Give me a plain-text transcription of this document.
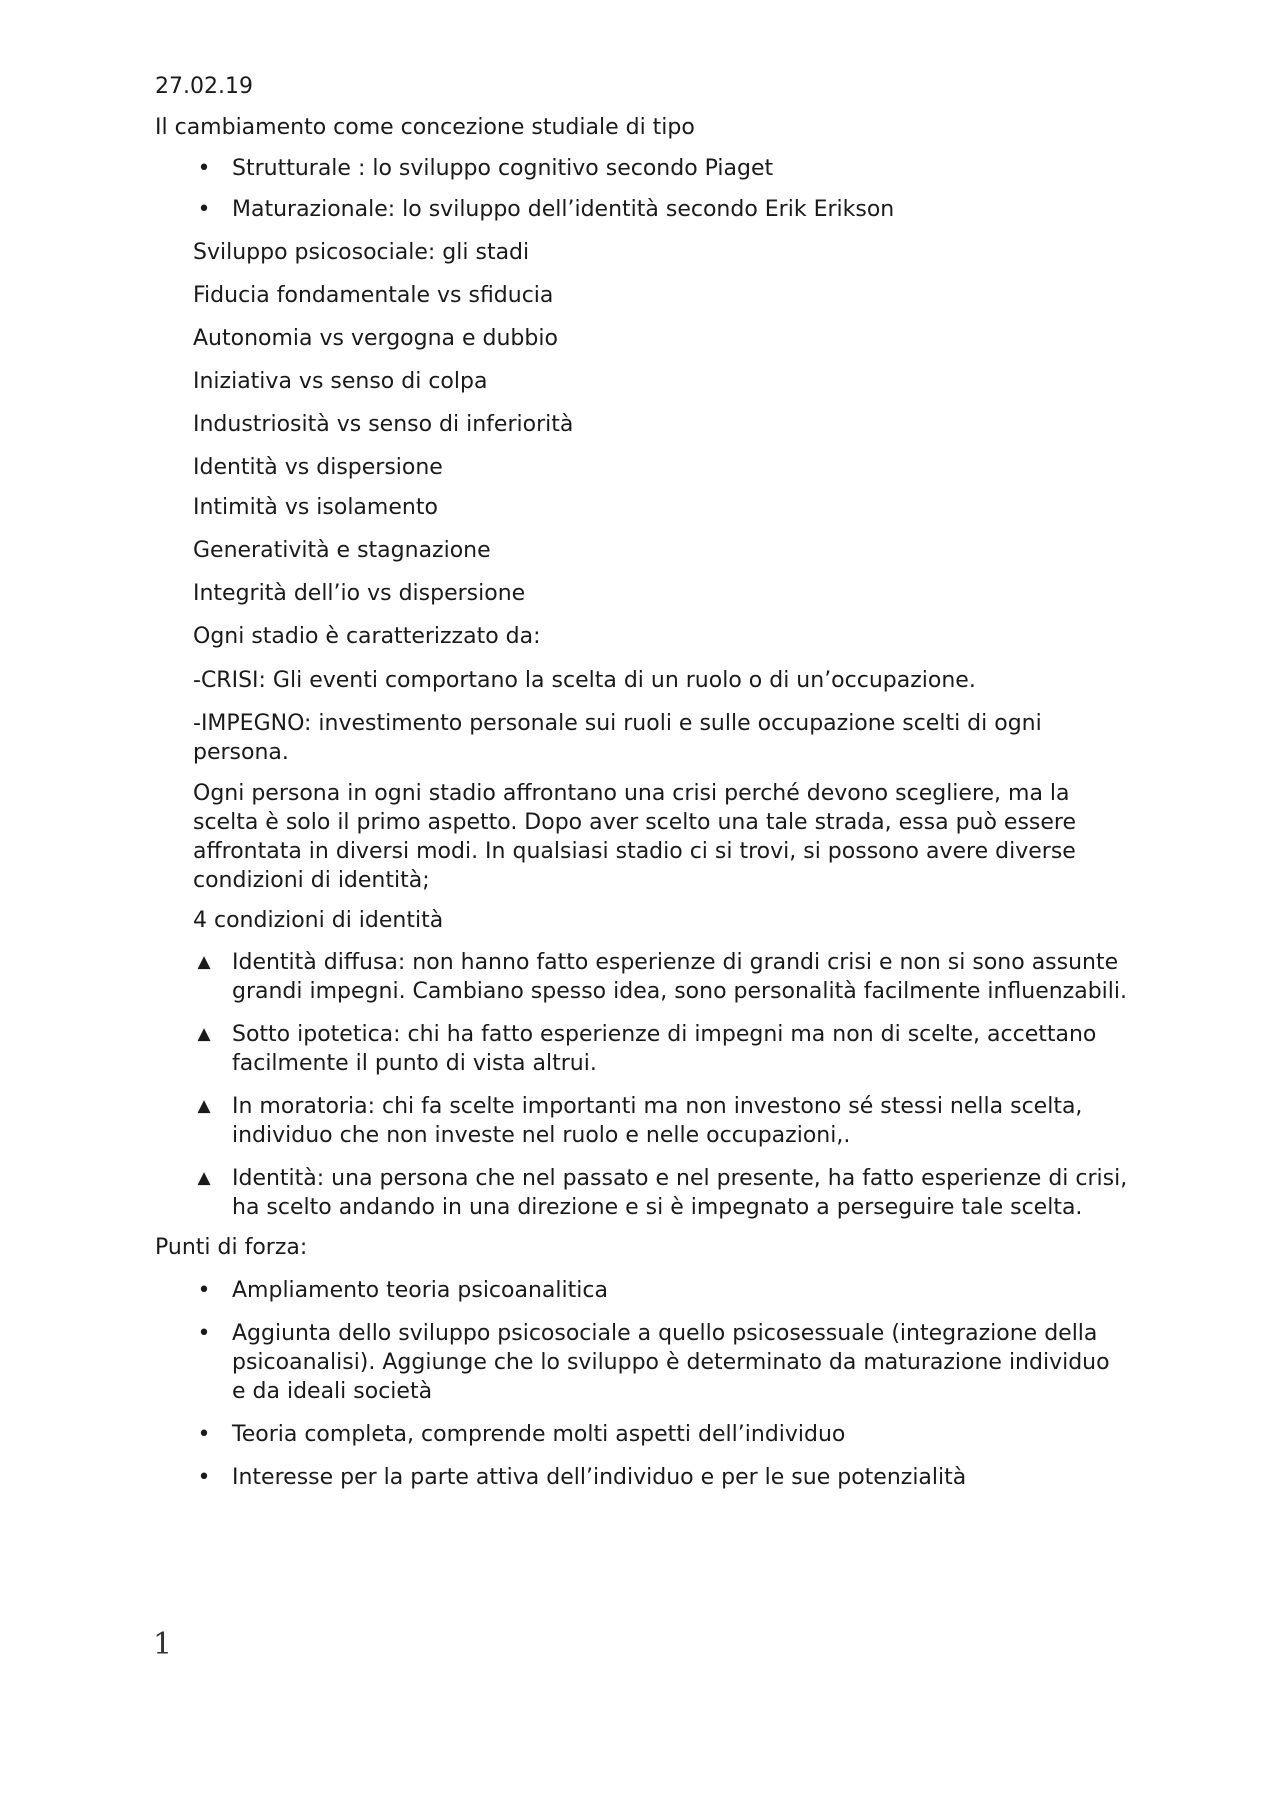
27.02.19
Il cambiamento come concezione studiale di tipo
• Strutturale : lo sviluppo cognitivo secondo Piaget
• Maturazionale: lo sviluppo dell’identità secondo Erik Erikson
Sviluppo psicosociale: gli stadi
Fiducia fondamentale vs sfiducia
Autonomia vs vergogna e dubbio
Iniziativa vs senso di colpa
Industriosità vs senso di inferiorità
Identità vs dispersione
Intimità vs isolamento
Generatività e stagnazione
Integrità dell’io vs dispersione
Ogni stadio è caratterizzato da:
-CRISI: Gli eventi comportano la scelta di un ruolo o di un’occupazione.
-IMPEGNO: investimento personale sui ruoli e sulle occupazione scelti di ogni persona.
Ogni persona in ogni stadio affrontano una crisi perché devono scegliere, ma la scelta è solo il primo aspetto. Dopo aver scelto una tale strada, essa può essere affrontata in diversi modi. In qualsiasi stadio ci si trovi, si possono avere diverse condizioni di identità;
4 condizioni di identità
▲ Identità diffusa: non hanno fatto esperienze di grandi crisi e non si sono assunte grandi impegni. Cambiano spesso idea, sono personalità facilmente influenzabili.
▲ Sotto ipotetica: chi ha fatto esperienze di impegni ma non di scelte, accettano facilmente il punto di vista altrui.
▲ In moratoria: chi fa scelte importanti ma non investono sé stessi nella scelta, individuo che non investe nel ruolo e nelle occupazioni,.
▲ Identità: una persona che nel passato e nel presente, ha fatto esperienze di crisi, ha scelto andando in una direzione e si è impegnato a perseguire tale scelta.
Punti di forza:
• Ampliamento teoria psicoanalitica
• Aggiunta dello sviluppo psicosociale a quello psicosessuale (integrazione della psicoanalisi). Aggiunge che lo sviluppo è determinato da maturazione individuo e da ideali società
• Teoria completa, comprende molti aspetti dell’individuo
• Interesse per la parte attiva dell’individuo e per le sue potenzialità
1
